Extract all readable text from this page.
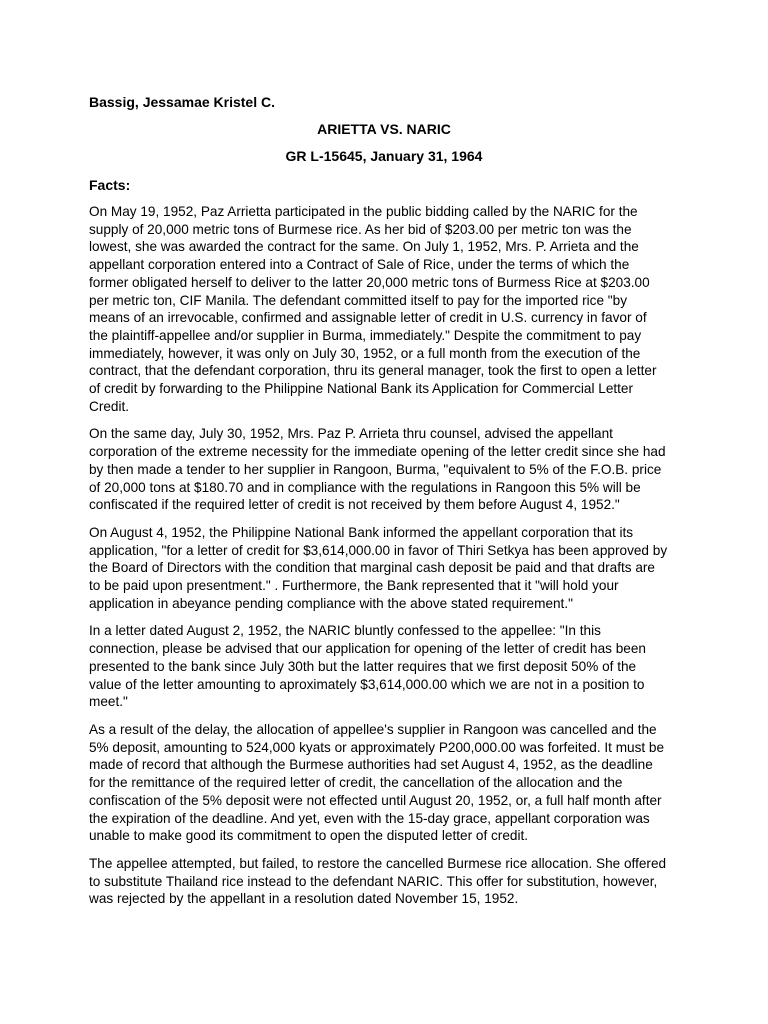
Bassig, Jessamae Kristel C.

ARIETTA VS. NARIC

GR L-15645, January 31, 1964

Facts:

On May 19, 1952, Paz Arrietta participated in the public bidding called by the NARIC for the supply of 20,000 metric tons of Burmese rice. As her bid of $203.00 per metric ton was the lowest, she was awarded the contract for the same. On July 1, 1952, Mrs. P. Arrieta and the appellant corporation entered into a Contract of Sale of Rice, under the terms of which the former obligated herself to deliver to the latter 20,000 metric tons of Burmess Rice at $203.00 per metric ton, CIF Manila. The defendant committed itself to pay for the imported rice "by means of an irrevocable, confirmed and assignable letter of credit in U.S. currency in favor of the plaintiff-appellee and/or supplier in Burma, immediately." Despite the commitment to pay immediately, however, it was only on July 30, 1952, or a full month from the execution of the contract, that the defendant corporation, thru its general manager, took the first to open a letter of credit by forwarding to the Philippine National Bank its Application for Commercial Letter Credit.

On the same day, July 30, 1952, Mrs. Paz P. Arrieta thru counsel, advised the appellant corporation of the extreme necessity for the immediate opening of the letter credit since she had by then made a tender to her supplier in Rangoon, Burma, "equivalent to 5% of the F.O.B. price of 20,000 tons at $180.70 and in compliance with the regulations in Rangoon this 5% will be confiscated if the required letter of credit is not received by them before August 4, 1952."

On August 4, 1952, the Philippine National Bank informed the appellant corporation that its application, "for a letter of credit for $3,614,000.00 in favor of Thiri Setkya has been approved by the Board of Directors with the condition that marginal cash deposit be paid and that drafts are to be paid upon presentment." . Furthermore, the Bank represented that it "will hold your application in abeyance pending compliance with the above stated requirement."

In a letter dated August 2, 1952, the NARIC bluntly confessed to the appellee: "In this connection, please be advised that our application for opening of the letter of credit has been presented to the bank since July 30th but the latter requires that we first deposit 50% of the value of the letter amounting to aproximately $3,614,000.00 which we are not in a position to meet."

As a result of the delay, the allocation of appellee's supplier in Rangoon was cancelled and the 5% deposit, amounting to 524,000 kyats or approximately P200,000.00 was forfeited. It must be made of record that although the Burmese authorities had set August 4, 1952, as the deadline for the remittance of the required letter of credit, the cancellation of the allocation and the confiscation of the 5% deposit were not effected until August 20, 1952, or, a full half month after the expiration of the deadline. And yet, even with the 15-day grace, appellant corporation was unable to make good its commitment to open the disputed letter of credit.

The appellee attempted, but failed, to restore the cancelled Burmese rice allocation. She offered to substitute Thailand rice instead to the defendant NARIC. This offer for substitution, however, was rejected by the appellant in a resolution dated November 15, 1952.
